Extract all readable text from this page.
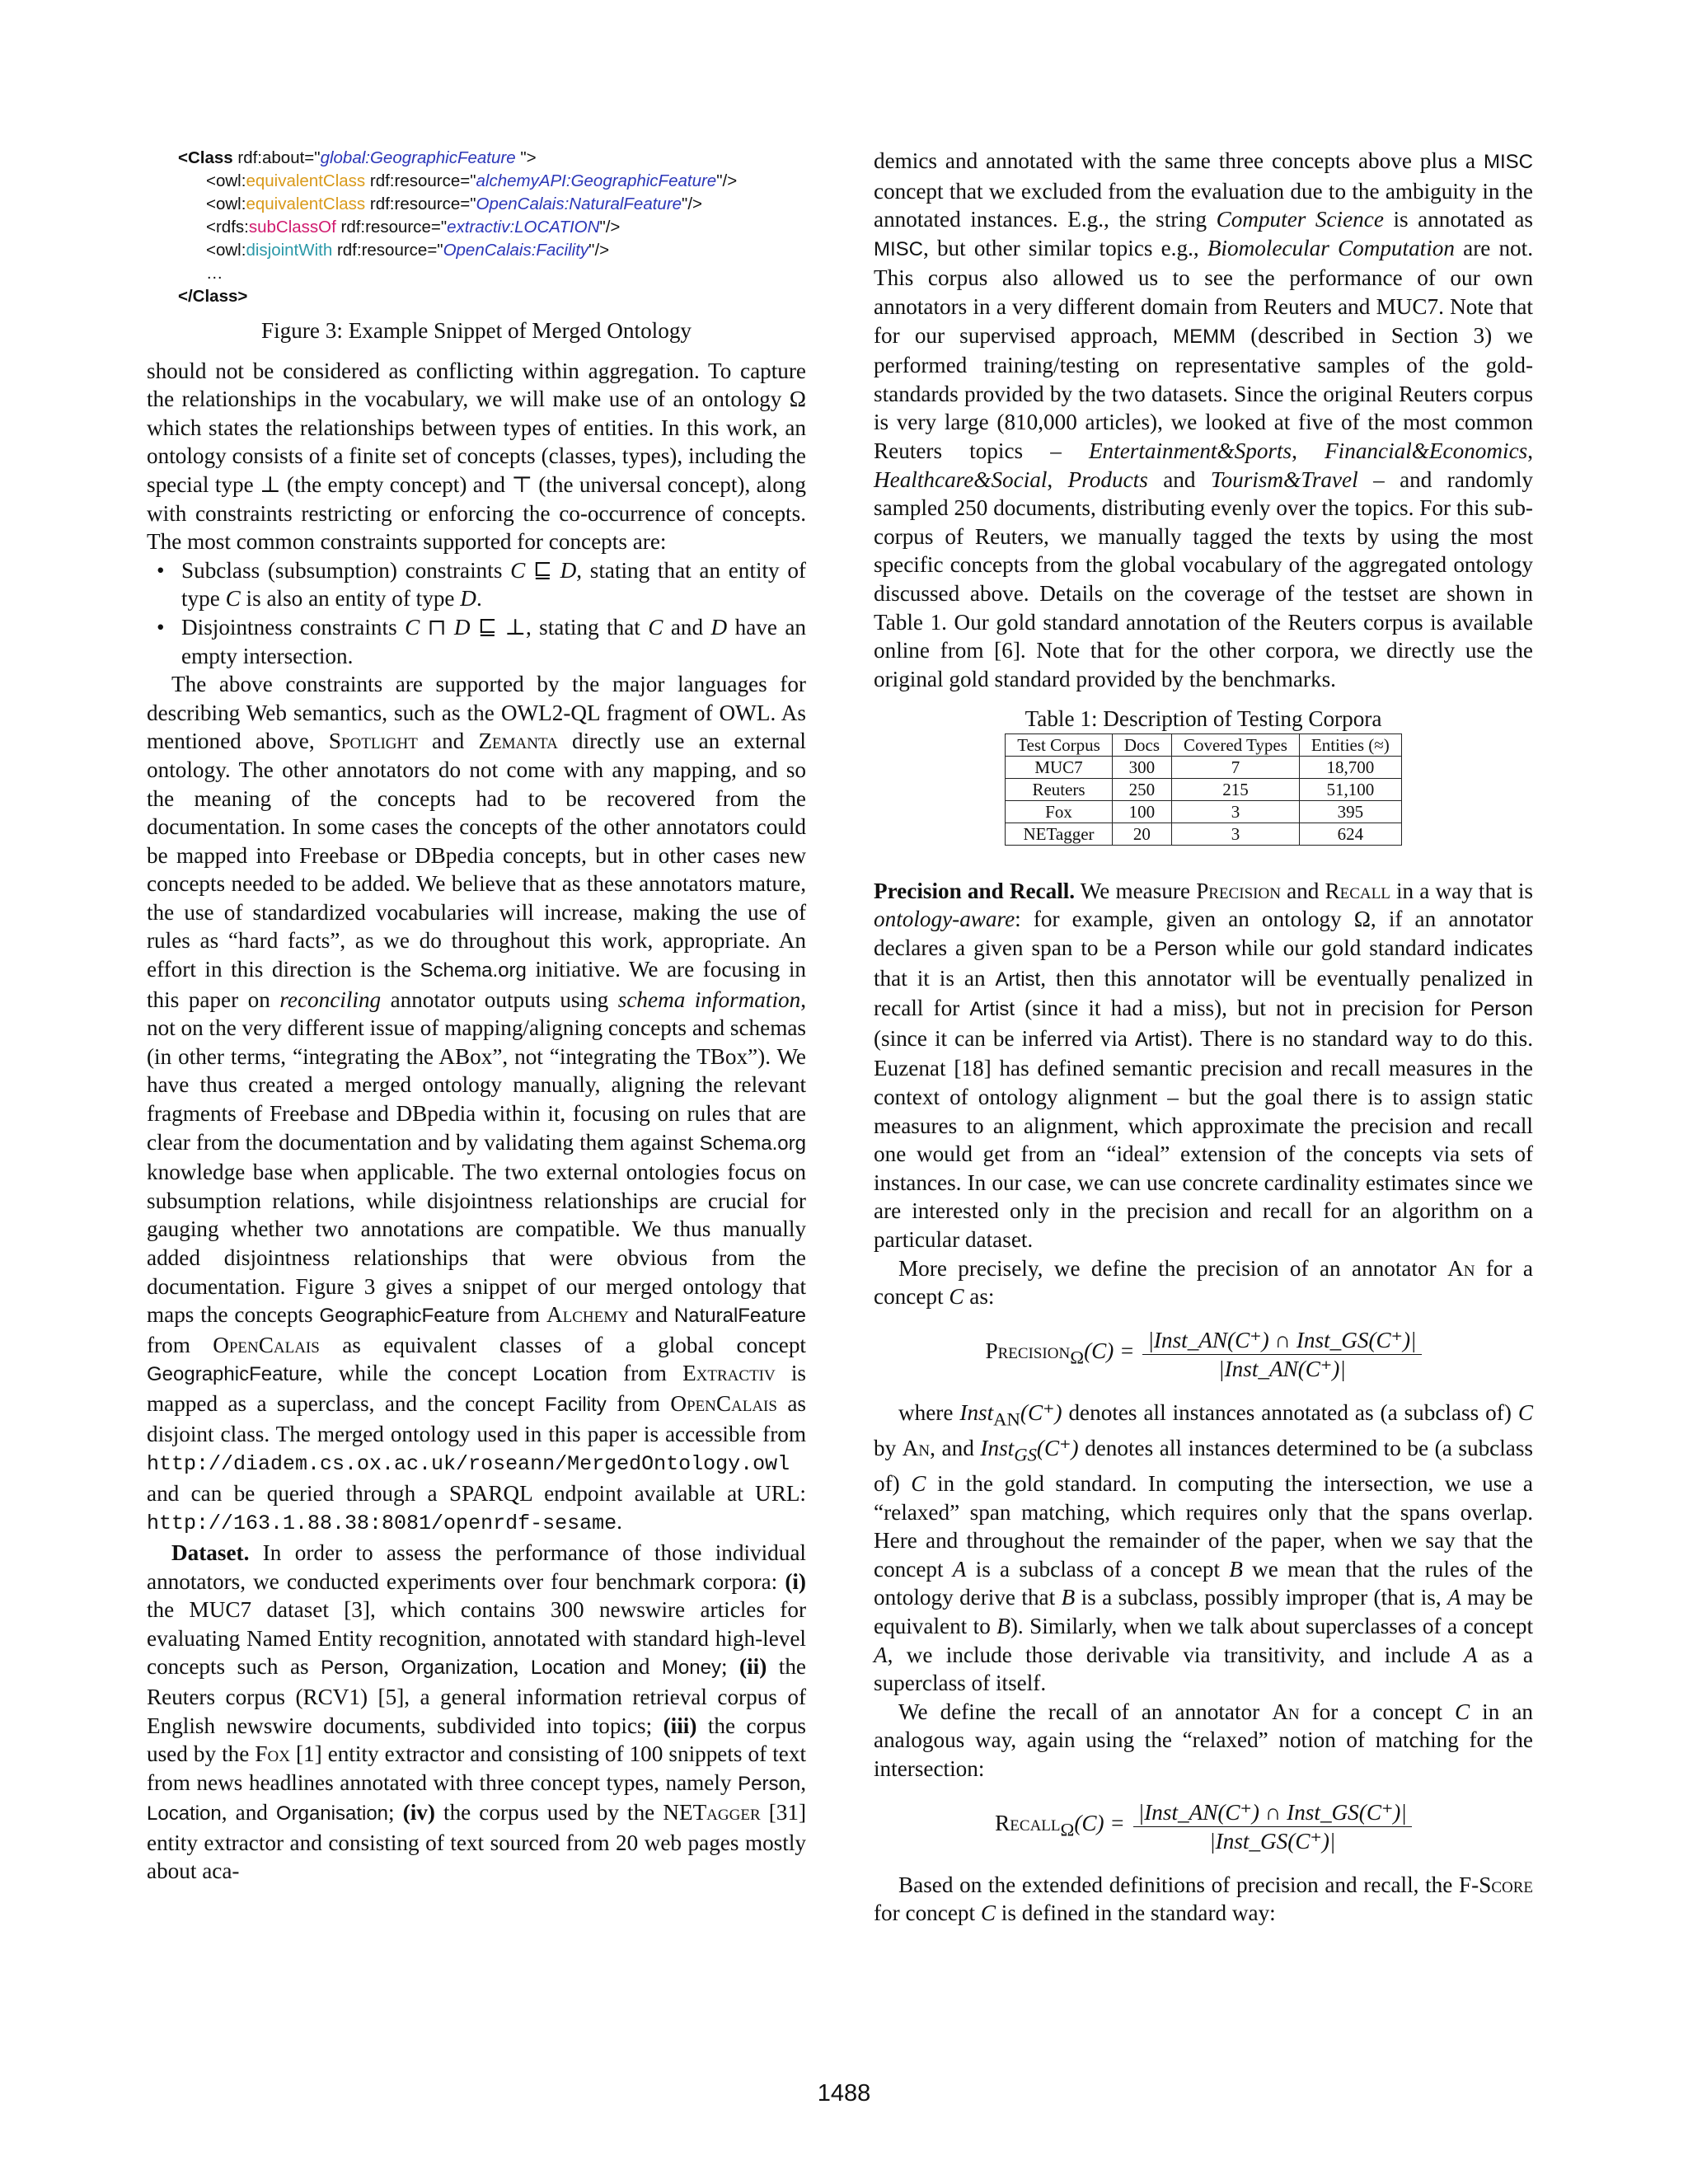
<Class rdf:about="global:GeographicFeature ">
<owl:equivalentClass rdf:resource="alchemyAPI:GeographicFeature"/>
<owl:equivalentClass rdf:resource="OpenCalais:NaturalFeature"/>
<rdfs:subClassOf rdf:resource="extractiv:LOCATION"/>
<owl:disjointWith rdf:resource="OpenCalais:Facility"/>
…
</Class>
Figure 3: Example Snippet of Merged Ontology

should not be considered as conflicting within aggregation. To capture the relationships in the vocabulary, we will make use of an ontology Ω which states the relationships between types of entities. In this work, an ontology consists of a finite set of concepts (classes, types), including the special type ⊥ (the empty concept) and ⊤ (the universal concept), along with constraints restricting or enforcing the co-occurrence of concepts. The most common constraints supported for concepts are:

• Subclass (subsumption) constraints C ⊑ D, stating that an entity of type C is also an entity of type D.
• Disjointness constraints C ⊓ D ⊑ ⊥, stating that C and D have an empty intersection.

The above constraints are supported by the major languages for describing Web semantics, such as the OWL2-QL fragment of OWL. As mentioned above, Spotlight and Zemanta directly use an external ontology. The other annotators do not come with any mapping, and so the meaning of the concepts had to be recovered from the documentation. In some cases the concepts of the other annotators could be mapped into Freebase or DBpedia concepts, but in other cases new concepts needed to be added. We believe that as these annotators mature, the use of standardized vocabularies will increase, making the use of rules as “hard facts”, as we do throughout this work, appropriate. An effort in this direction is the Schema.org initiative. We are focusing in this paper on reconciling annotator outputs using schema information, not on the very different issue of mapping/aligning concepts and schemas (in other terms, “integrating the ABox”, not “integrating the TBox”). We have thus created a merged ontology manually, aligning the relevant fragments of Freebase and DBpedia within it, focusing on rules that are clear from the documentation and by validating them against Schema.org knowledge base when applicable. The two external ontologies focus on subsumption relations, while disjointness relationships are crucial for gauging whether two annotations are compatible. We thus manually added disjointness relationships that were obvious from the documentation. Figure 3 gives a snippet of our merged ontology that maps the concepts GeographicFeature from Alchemy and NaturalFeature from OpenCalais as equivalent classes of a global concept GeographicFeature, while the concept Location from Extractiv is mapped as a superclass, and the concept Facility from OpenCalais as disjoint class. The merged ontology used in this paper is accessible from http://diadem.cs.ox.ac.uk/roseann/MergedOntology.owl and can be queried through a SPARQL endpoint available at URL: http://163.1.88.38:8081/openrdf-sesame.

Dataset. In order to assess the performance of those individual annotators, we conducted experiments over four benchmark corpora: (i) the MUC7 dataset [3], which contains 300 newswire articles for evaluating Named Entity recognition, annotated with standard high-level concepts such as Person, Organization, Location and Money; (ii) the Reuters corpus (RCV1) [5], a general information retrieval corpus of English newswire documents, subdivided into topics; (iii) the corpus used by the Fox [1] entity extractor and consisting of 100 snippets of text from news headlines annotated with three concept types, namely Person, Location, and Organisation; (iv) the corpus used by the NETagger [31] entity extractor and consisting of text sourced from 20 web pages mostly about aca-

demics and annotated with the same three concepts above plus a MISC concept that we excluded from the evaluation due to the ambiguity in the annotated instances. E.g., the string Computer Science is annotated as MISC, but other similar topics e.g., Biomolecular Computation are not. This corpus also allowed us to see the performance of our own annotators in a very different domain from Reuters and MUC7. Note that for our supervised approach, MEMM (described in Section 3) we performed training/testing on representative samples of the gold-standards provided by the two datasets. Since the original Reuters corpus is very large (810,000 articles), we looked at five of the most common Reuters topics – Entertainment&Sports, Financial&Economics, Healthcare&Social, Products and Tourism&Travel – and randomly sampled 250 documents, distributing evenly over the topics. For this sub-corpus of Reuters, we manually tagged the texts by using the most specific concepts from the global vocabulary of the aggregated ontology discussed above. Details on the coverage of the testset are shown in Table 1. Our gold standard annotation of the Reuters corpus is available online from [6]. Note that for the other corpora, we directly use the original gold standard provided by the benchmarks.

Table 1: Description of Testing Corpora
Test Corpus	Docs	Covered Types	Entities (≈)
MUC7	300	7	18,700
Reuters	250	215	51,100
Fox	100	3	395
NETagger	20	3	624

Precision and Recall. We measure Precision and Recall in a way that is ontology-aware: for example, given an ontology Ω, if an annotator declares a given span to be a Person while our gold standard indicates that it is an Artist, then this annotator will be eventually penalized in recall for Artist (since it had a miss), but not in precision for Person (since it can be inferred via Artist). There is no standard way to do this. Euzenat [18] has defined semantic precision and recall measures in the context of ontology alignment – but the goal there is to assign static measures to an alignment, which approximate the precision and recall one would get from an “ideal” extension of the concepts via sets of instances. In our case, we can use concrete cardinality estimates since we are interested only in the precision and recall for an algorithm on a particular dataset.

More precisely, we define the precision of an annotator An for a concept C as:

Precision$_\Omega$(C) = $\frac{\text{|Inst\_AN(C⁺) ∩ Inst\_GS(C⁺)|}}{\text{|Inst\_AN(C⁺)|}}$

where Inst$_{AN}$(C⁺) denotes all instances annotated as (a subclass of) C by An, and Inst$_{GS}$(C⁺) denotes all instances determined to be (a subclass of) C in the gold standard. In computing the intersection, we use a “relaxed” span matching, which requires only that the spans overlap. Here and throughout the remainder of the paper, when we say that the concept A is a subclass of a concept B we mean that the rules of the ontology derive that B is a subclass, possibly improper (that is, A may be equivalent to B). Similarly, when we talk about superclasses of a concept A, we include those derivable via transitivity, and include A as a superclass of itself.

We define the recall of an annotator An for a concept C in an analogous way, again using the “relaxed” notion of matching for the intersection:

Recall$_\Omega$(C) = $\frac{\text{|Inst\_AN(C⁺) ∩ Inst\_GS(C⁺)|}}{\text{|Inst\_GS(C⁺)|}}$

Based on the extended definitions of precision and recall, the F-Score for concept C is defined in the standard way:

1488
